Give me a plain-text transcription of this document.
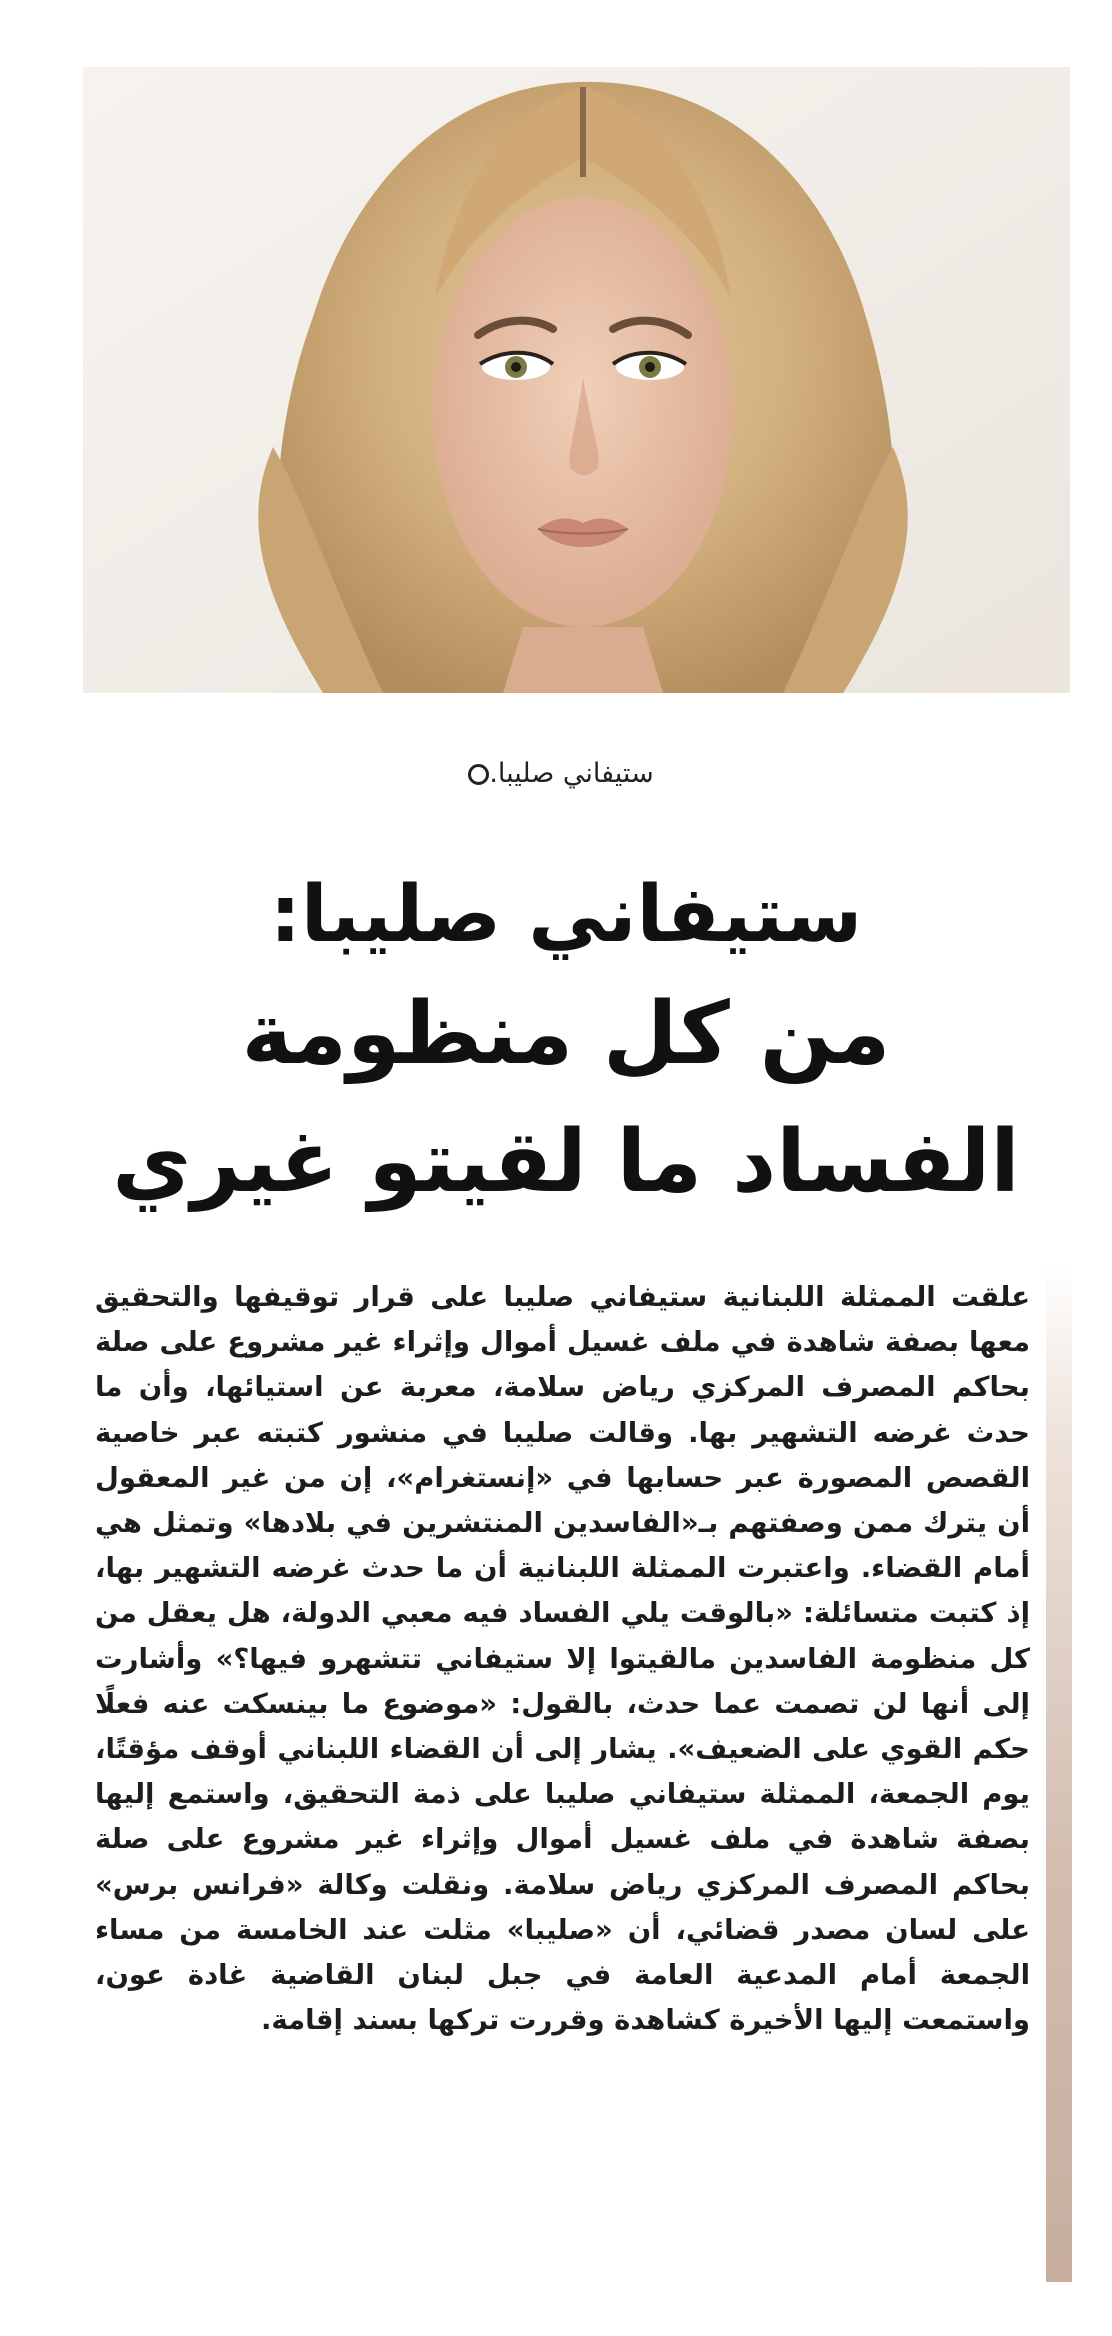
ستيفاني صليبا.
ستيفاني صليبا:
من كل منظومة
الفساد ما لقيتو غيري

علقت الممثلة اللبنانية ستيفاني صليبا على قرار توقيفها والتحقيق معها بصفة شاهدة في ملف غسيل أموال وإثراء غير مشروع على صلة بحاكم المصرف المركزي رياض سلامة، معربة عن استيائها، وأن ما حدث غرضه التشهير بها. وقالت صليبا في منشور كتبته عبر خاصية القصص المصورة عبر حسابها في «إنستغرام»، إن من غير المعقول أن يترك ممن وصفتهم بـ«الفاسدين المنتشرين في بلادها» وتمثل هي أمام القضاء. واعتبرت الممثلة اللبنانية أن ما حدث غرضه التشهير بها، إذ كتبت متسائلة: «بالوقت يلي الفساد فيه معبي الدولة، هل يعقل من كل منظومة الفاسدين مالقيتوا إلا ستيفاني تتشهرو فيها؟» وأشارت إلى أنها لن تصمت عما حدث، بالقول: «موضوع ما بينسكت عنه فعلًا حكم القوي على الضعيف». يشار إلى أن القضاء اللبناني أوقف مؤقتًا، يوم الجمعة، الممثلة ستيفاني صليبا على ذمة التحقيق، واستمع إليها بصفة شاهدة في ملف غسيل أموال وإثراء غير مشروع على صلة بحاكم المصرف المركزي رياض سلامة. ونقلت وكالة «فرانس برس» على لسان مصدر قضائي، أن «صليبا» مثلت عند الخامسة من مساء الجمعة أمام المدعية العامة في جبل لبنان القاضية غادة عون، واستمعت إليها الأخيرة كشاهدة وقررت تركها بسند إقامة.
